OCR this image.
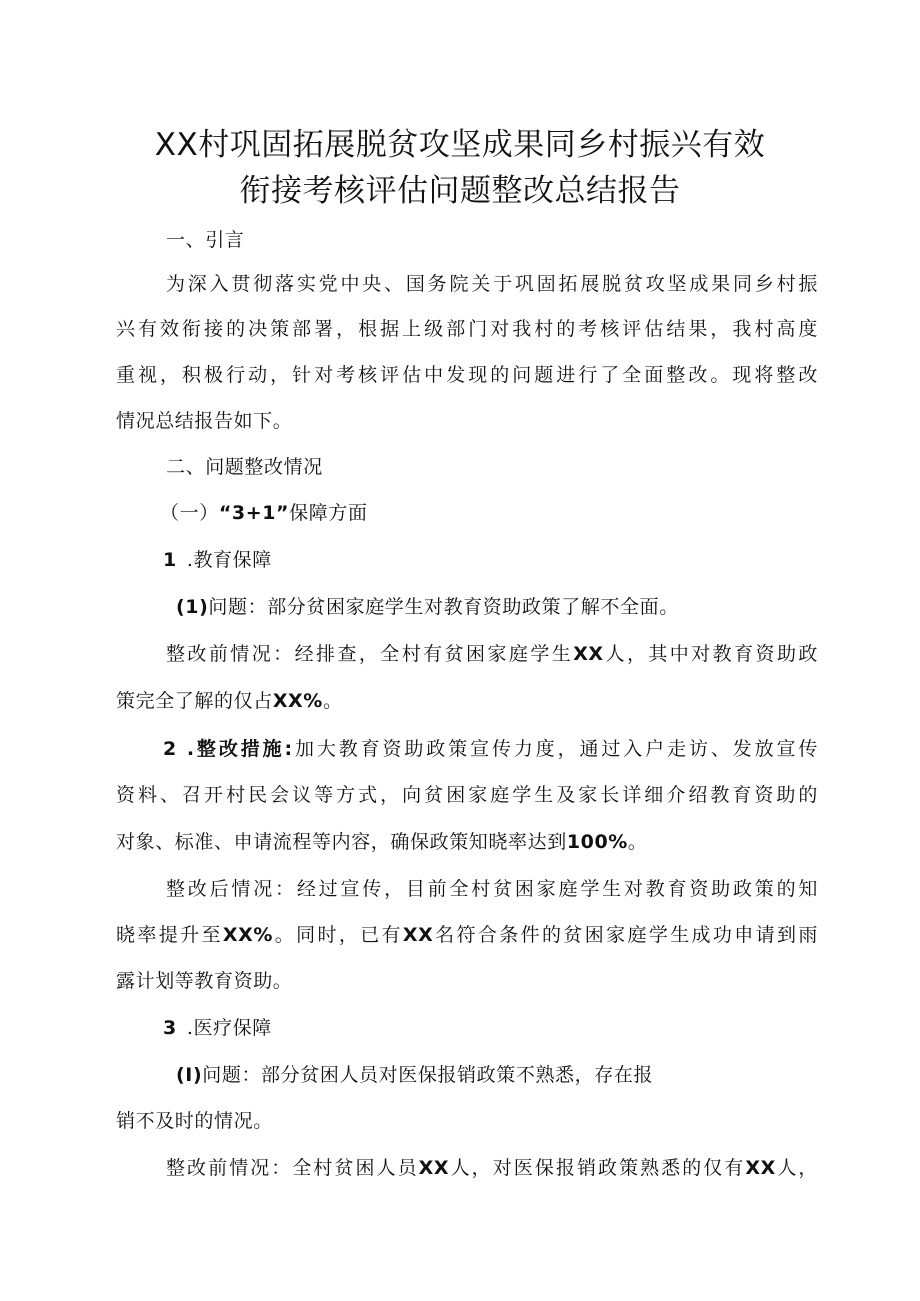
XX村巩固拓展脱贫攻坚成果同乡村振兴有效
衔接考核评估问题整改总结报告
一、引言
为深入贯彻落实党中央、国务院关于巩固拓展脱贫攻坚成果同乡村振
兴有效衔接的决策部署，根据上级部门对我村的考核评估结果，我村高度
重视，积极行动，针对考核评估中发现的问题进行了全面整改。现将整改
情况总结报告如下。
二、问题整改情况
（一）“3+1”保障方面
1 .教育保障
(1)问题：部分贫困家庭学生对教育资助政策了解不全面。
整改前情况：经排查，全村有贫困家庭学生XX人，其中对教育资助政
策完全了解的仅占XX%。
2 .整改措施:加大教育资助政策宣传力度，通过入户走访、发放宣传
资料、召开村民会议等方式，向贫困家庭学生及家长详细介绍教育资助的
对象、标准、申请流程等内容，确保政策知晓率达到100%。
整改后情况：经过宣传，目前全村贫困家庭学生对教育资助政策的知
晓率提升至XX%。同时，已有XX名符合条件的贫困家庭学生成功申请到雨
露计划等教育资助。
3 .医疗保障
(I)问题：部分贫困人员对医保报销政策不熟悉，存在报
销不及时的情况。
整改前情况：全村贫困人员XX人，对医保报销政策熟悉的仅有XX人，
